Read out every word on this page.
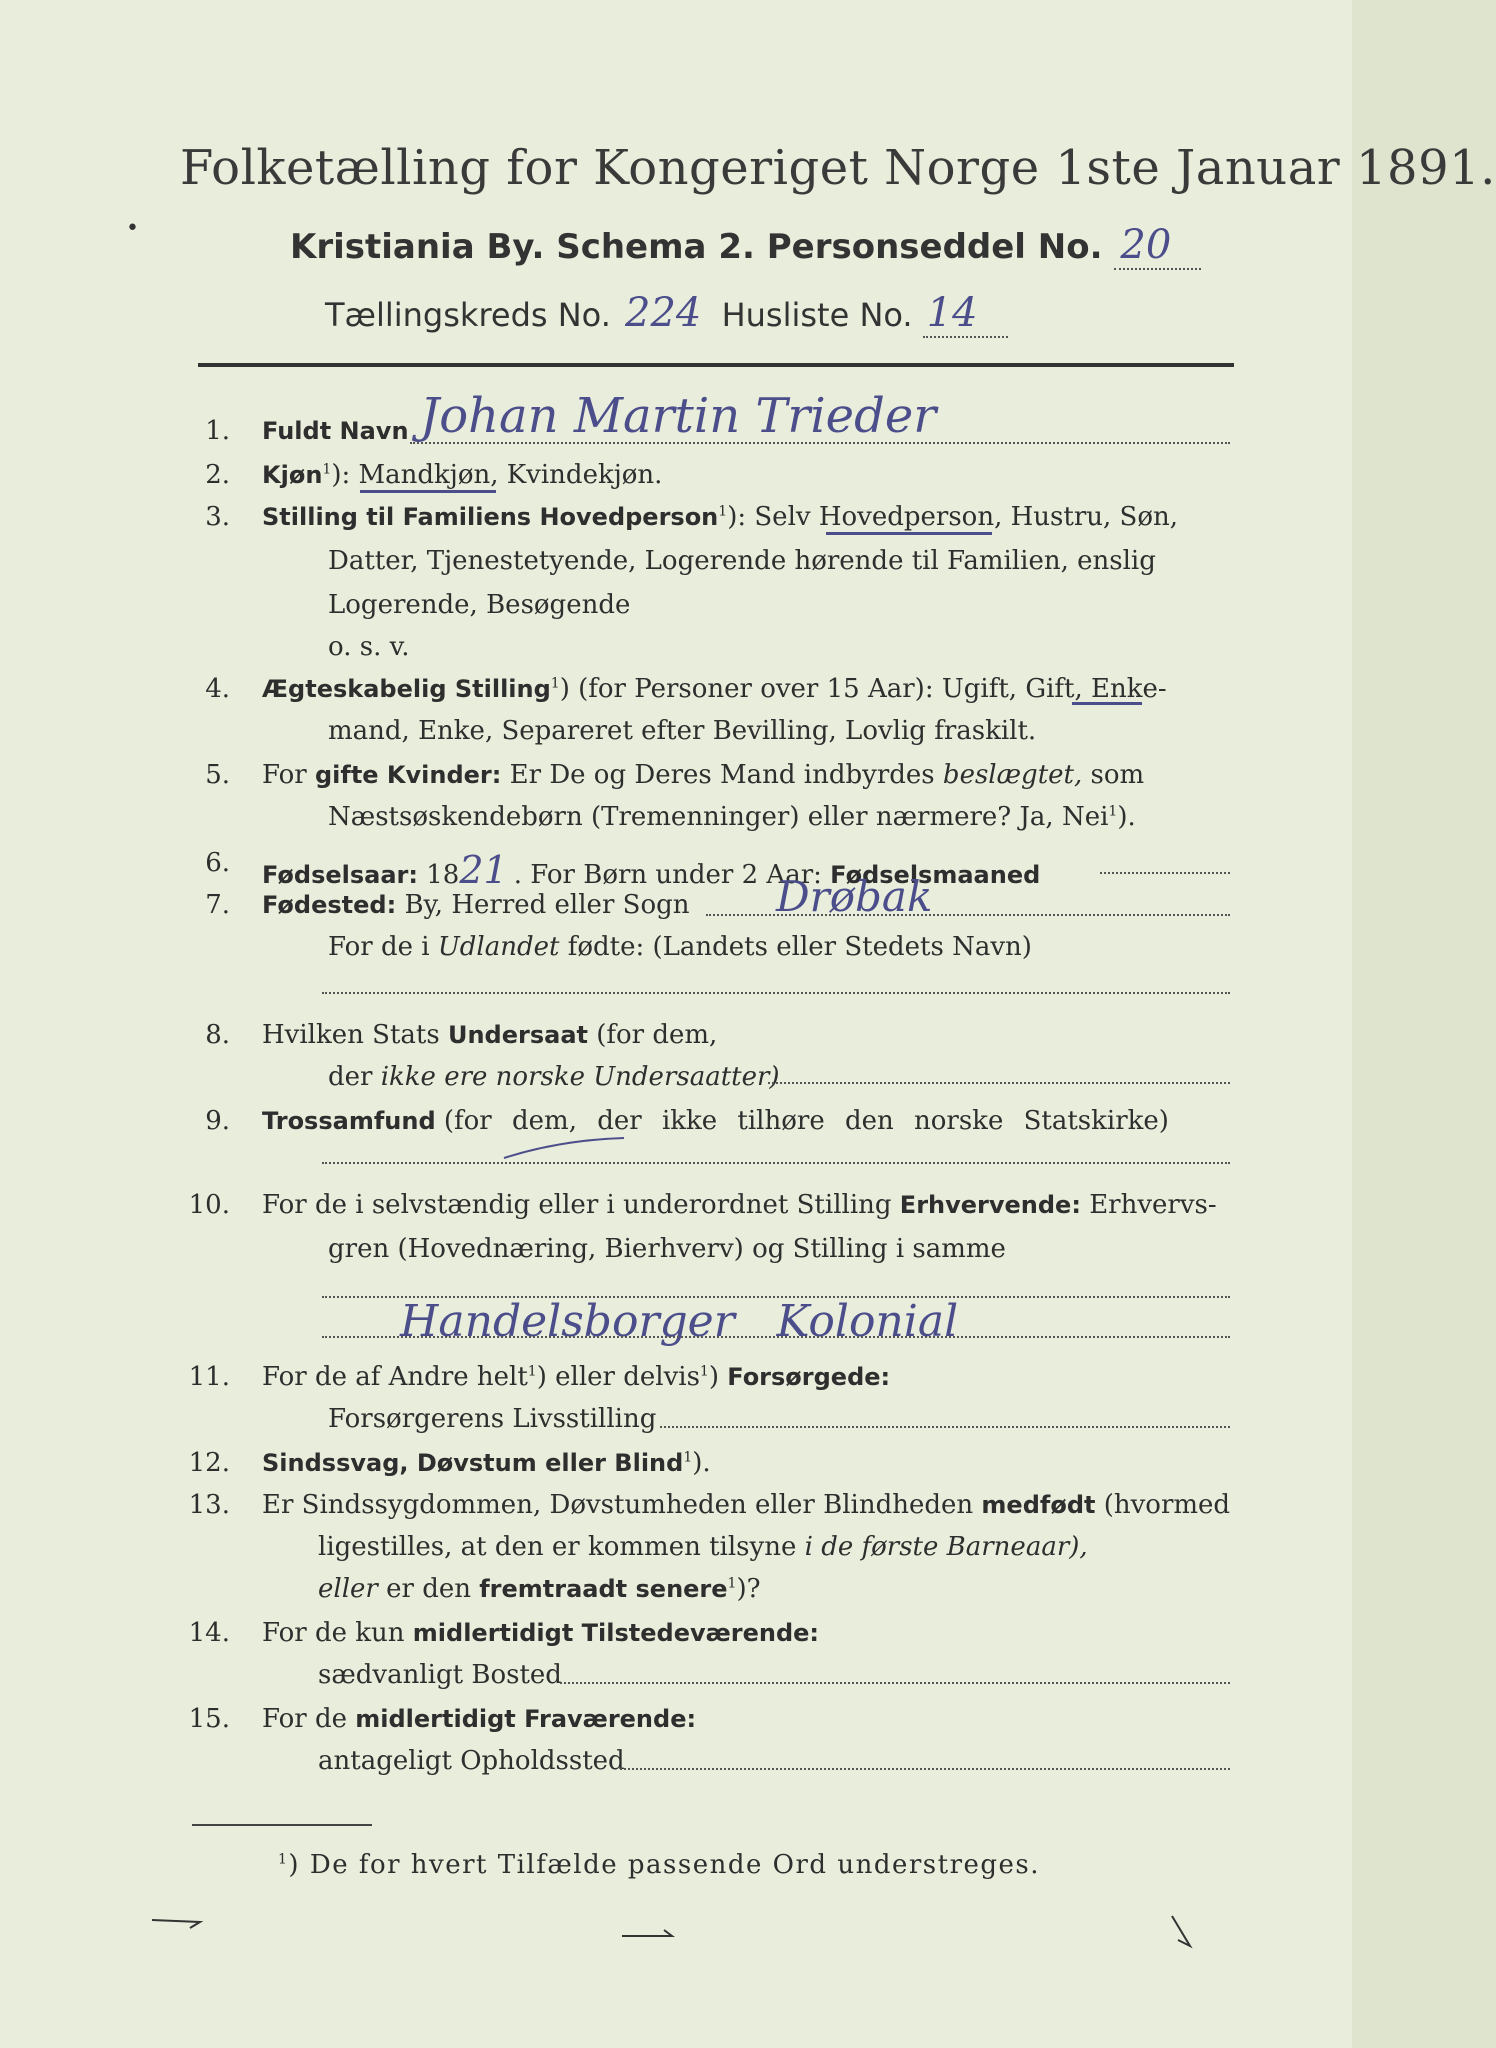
Folketælling for Kongeriget Norge 1ste Januar 1891.
Kristiania By. Schema 2. Personseddel No. 20
Tællingskreds No. 224 Husliste No. 14
1. Fuldt Navn Johan Martin Trieder
2. Kjøn$^1$): Mandkjøn, Kvindekjøn.
3. Stilling til Familiens Hovedperson$^1$): Selv Hovedperson, Hustru, Søn,
Datter, Tjenestetyende, Logerende hørende til Familien, enslig
Logerende, Besøgende
o. s. v.
4. Ægteskabelig Stilling$^1$) (for Personer over 15 Aar): Ugift, Gift, Enke-
mand, Enke, Separeret efter Bevilling, Lovlig fraskilt.
5. For gifte Kvinder: Er De og Deres Mand indbyrdes beslægtet, som
Næstsøskendebørn (Tremenninger) eller nærmere? Ja, Nei$^1$).
6. Fødselsaar: 1821 . For Børn under 2 Aar: Fødselsmaaned
7. Fødested: By, Herred eller Sogn Drøbak
For de i Udlandet fødte: (Landets eller Stedets Navn)
8. Hvilken Stats Undersaat (for dem,
der ikke ere norske Undersaatter)
9. Trossamfund (for dem, der ikke tilhøre den norske Statskirke)
10. For de i selvstændig eller i underordnet Stilling Erhvervende: Erhvervs-
gren (Hovednæring, Bierhverv) og Stilling i samme
Handelsborger   Kolonial
11. For de af Andre helt$^1$) eller delvis$^1$) Forsørgede:
Forsørgerens Livsstilling
12. Sindssvag, Døvstum eller Blind$^1$).
13. Er Sindssygdommen, Døvstumheden eller Blindheden medfødt (hvormed
ligestilles, at den er kommen tilsyne i de første Barneaar),
eller er den fremtraadt senere$^1$)?
14. For de kun midlertidigt Tilstedeværende:
sædvanligt Bosted
15. For de midlertidigt Fraværende:
antageligt Opholdssted
$^1$) De for hvert Tilfælde passende Ord understreges.
•
